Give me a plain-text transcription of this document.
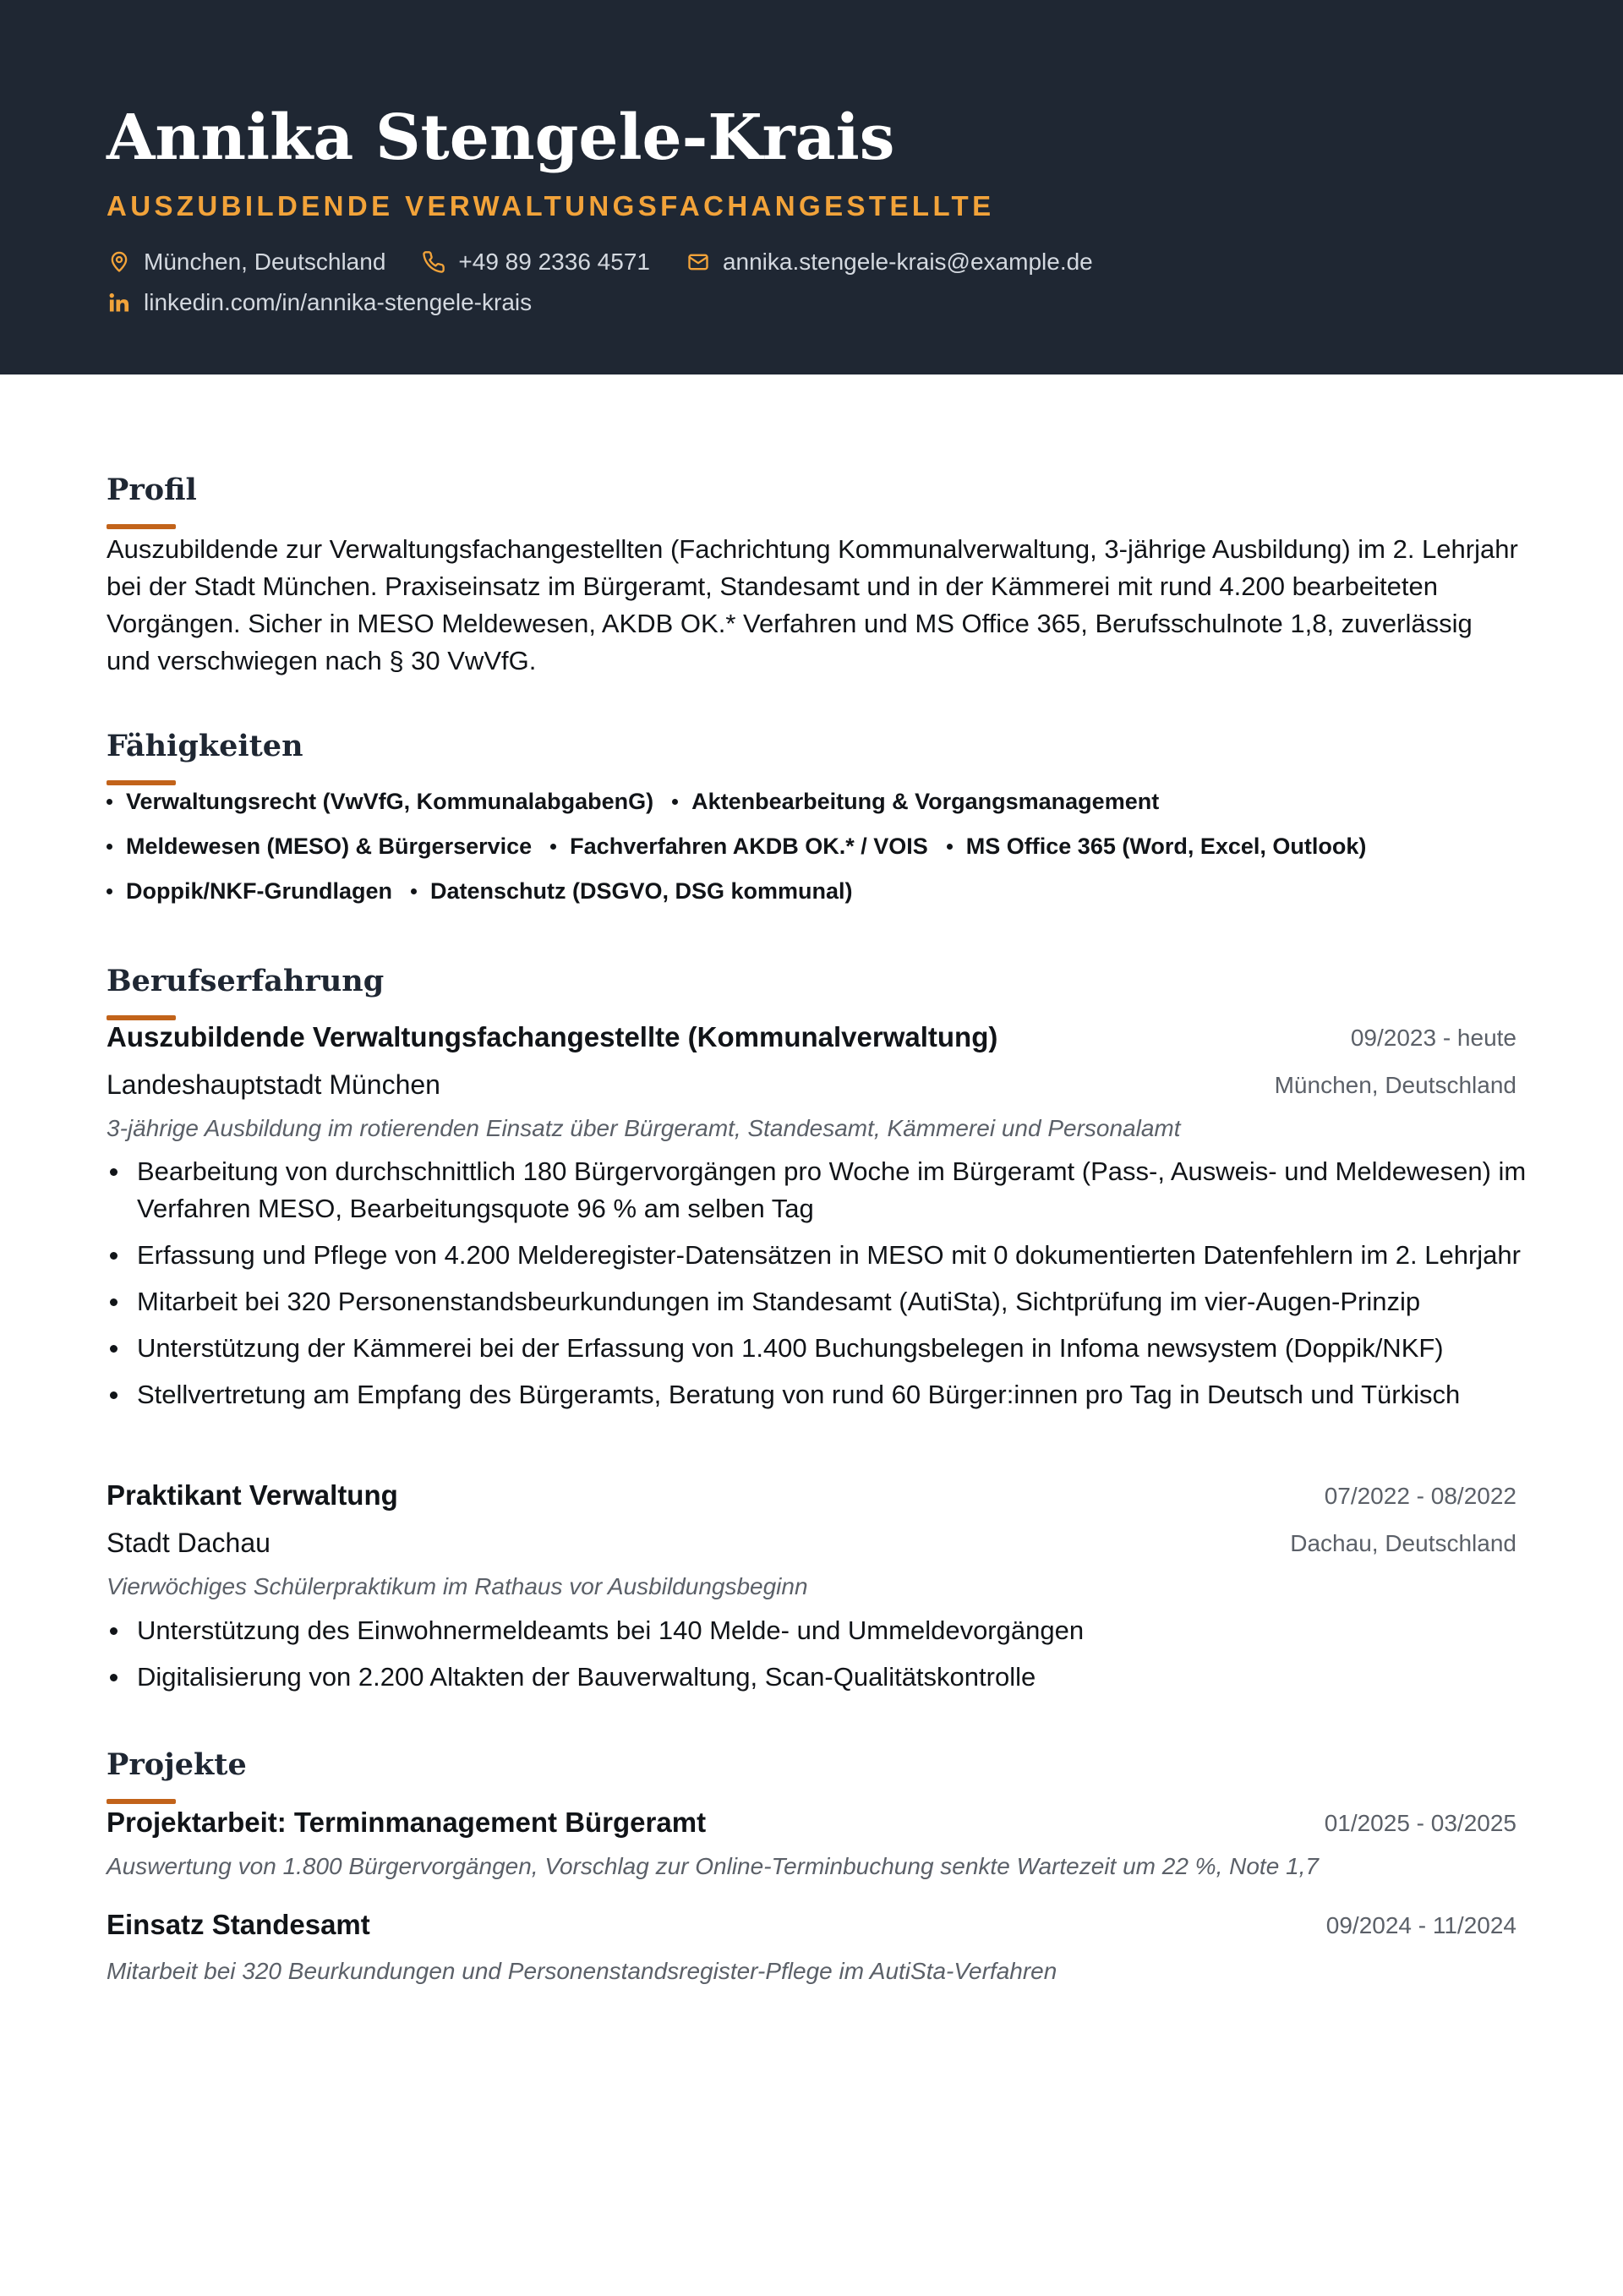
Annika Stengele-Krais
AUSZUBILDENDE VERWALTUNGSFACHANGESTELLTE
München, Deutschland	+49 89 2336 4571	annika.stengele-krais@example.de
linkedin.com/in/annika-stengele-krais
Profil

Auszubildende zur Verwaltungsfachangestellten (Fachrichtung Kommunalverwaltung, 3-jährige Ausbildung) im 2. Lehrjahr bei der Stadt München. Praxiseinsatz im Bürgeramt, Standesamt und in der Kämmerei mit rund 4.200 bearbeiteten Vorgängen. Sicher in MESO Meldewesen, AKDB OK.* Verfahren und MS Office 365, Berufsschulnote 1,8, zuverlässig und verschwiegen nach § 30 VwVfG.

Fähigkeiten
Verwaltungsrecht (VwVfG, KommunalabgabenG)	Aktenbearbeitung & Vorgangsmanagement
Meldewesen (MESO) & Bürgerservice	Fachverfahren AKDB OK.* / VOIS	MS Office 365 (Word, Excel, Outlook)
Doppik/NKF-Grundlagen	Datenschutz (DSGVO, DSG kommunal)
Berufserfahrung
Auszubildende Verwaltungsfachangestellte (Kommunalverwaltung)	09/2023 - heute
Landeshauptstadt München	München, Deutschland
3-jährige Ausbildung im rotierenden Einsatz über Bürgeramt, Standesamt, Kämmerei und Personalamt
Bearbeitung von durchschnittlich 180 Bürgervorgängen pro Woche im Bürgeramt (Pass-, Ausweis- und Meldewesen) im Verfahren MESO, Bearbeitungsquote 96 % am selben Tag
Erfassung und Pflege von 4.200 Melderegister-Datensätzen in MESO mit 0 dokumentierten Datenfehlern im 2. Lehrjahr
Mitarbeit bei 320 Personenstandsbeurkundungen im Standesamt (AutiSta), Sichtprüfung im vier-Augen-Prinzip
Unterstützung der Kämmerei bei der Erfassung von 1.400 Buchungsbelegen in Infoma newsystem (Doppik/NKF)
Stellvertretung am Empfang des Bürgeramts, Beratung von rund 60 Bürger:innen pro Tag in Deutsch und Türkisch
Praktikant Verwaltung	07/2022 - 08/2022
Stadt Dachau	Dachau, Deutschland
Vierwöchiges Schülerpraktikum im Rathaus vor Ausbildungsbeginn
Unterstützung des Einwohnermeldeamts bei 140 Melde- und Ummeldevorgängen
Digitalisierung von 2.200 Altakten der Bauverwaltung, Scan-Qualitätskontrolle
Projekte
Projektarbeit: Terminmanagement Bürgeramt	01/2025 - 03/2025
Auswertung von 1.800 Bürgervorgängen, Vorschlag zur Online-Terminbuchung senkte Wartezeit um 22 %, Note 1,7
Einsatz Standesamt	09/2024 - 11/2024
Mitarbeit bei 320 Beurkundungen und Personenstandsregister-Pflege im AutiSta-Verfahren
